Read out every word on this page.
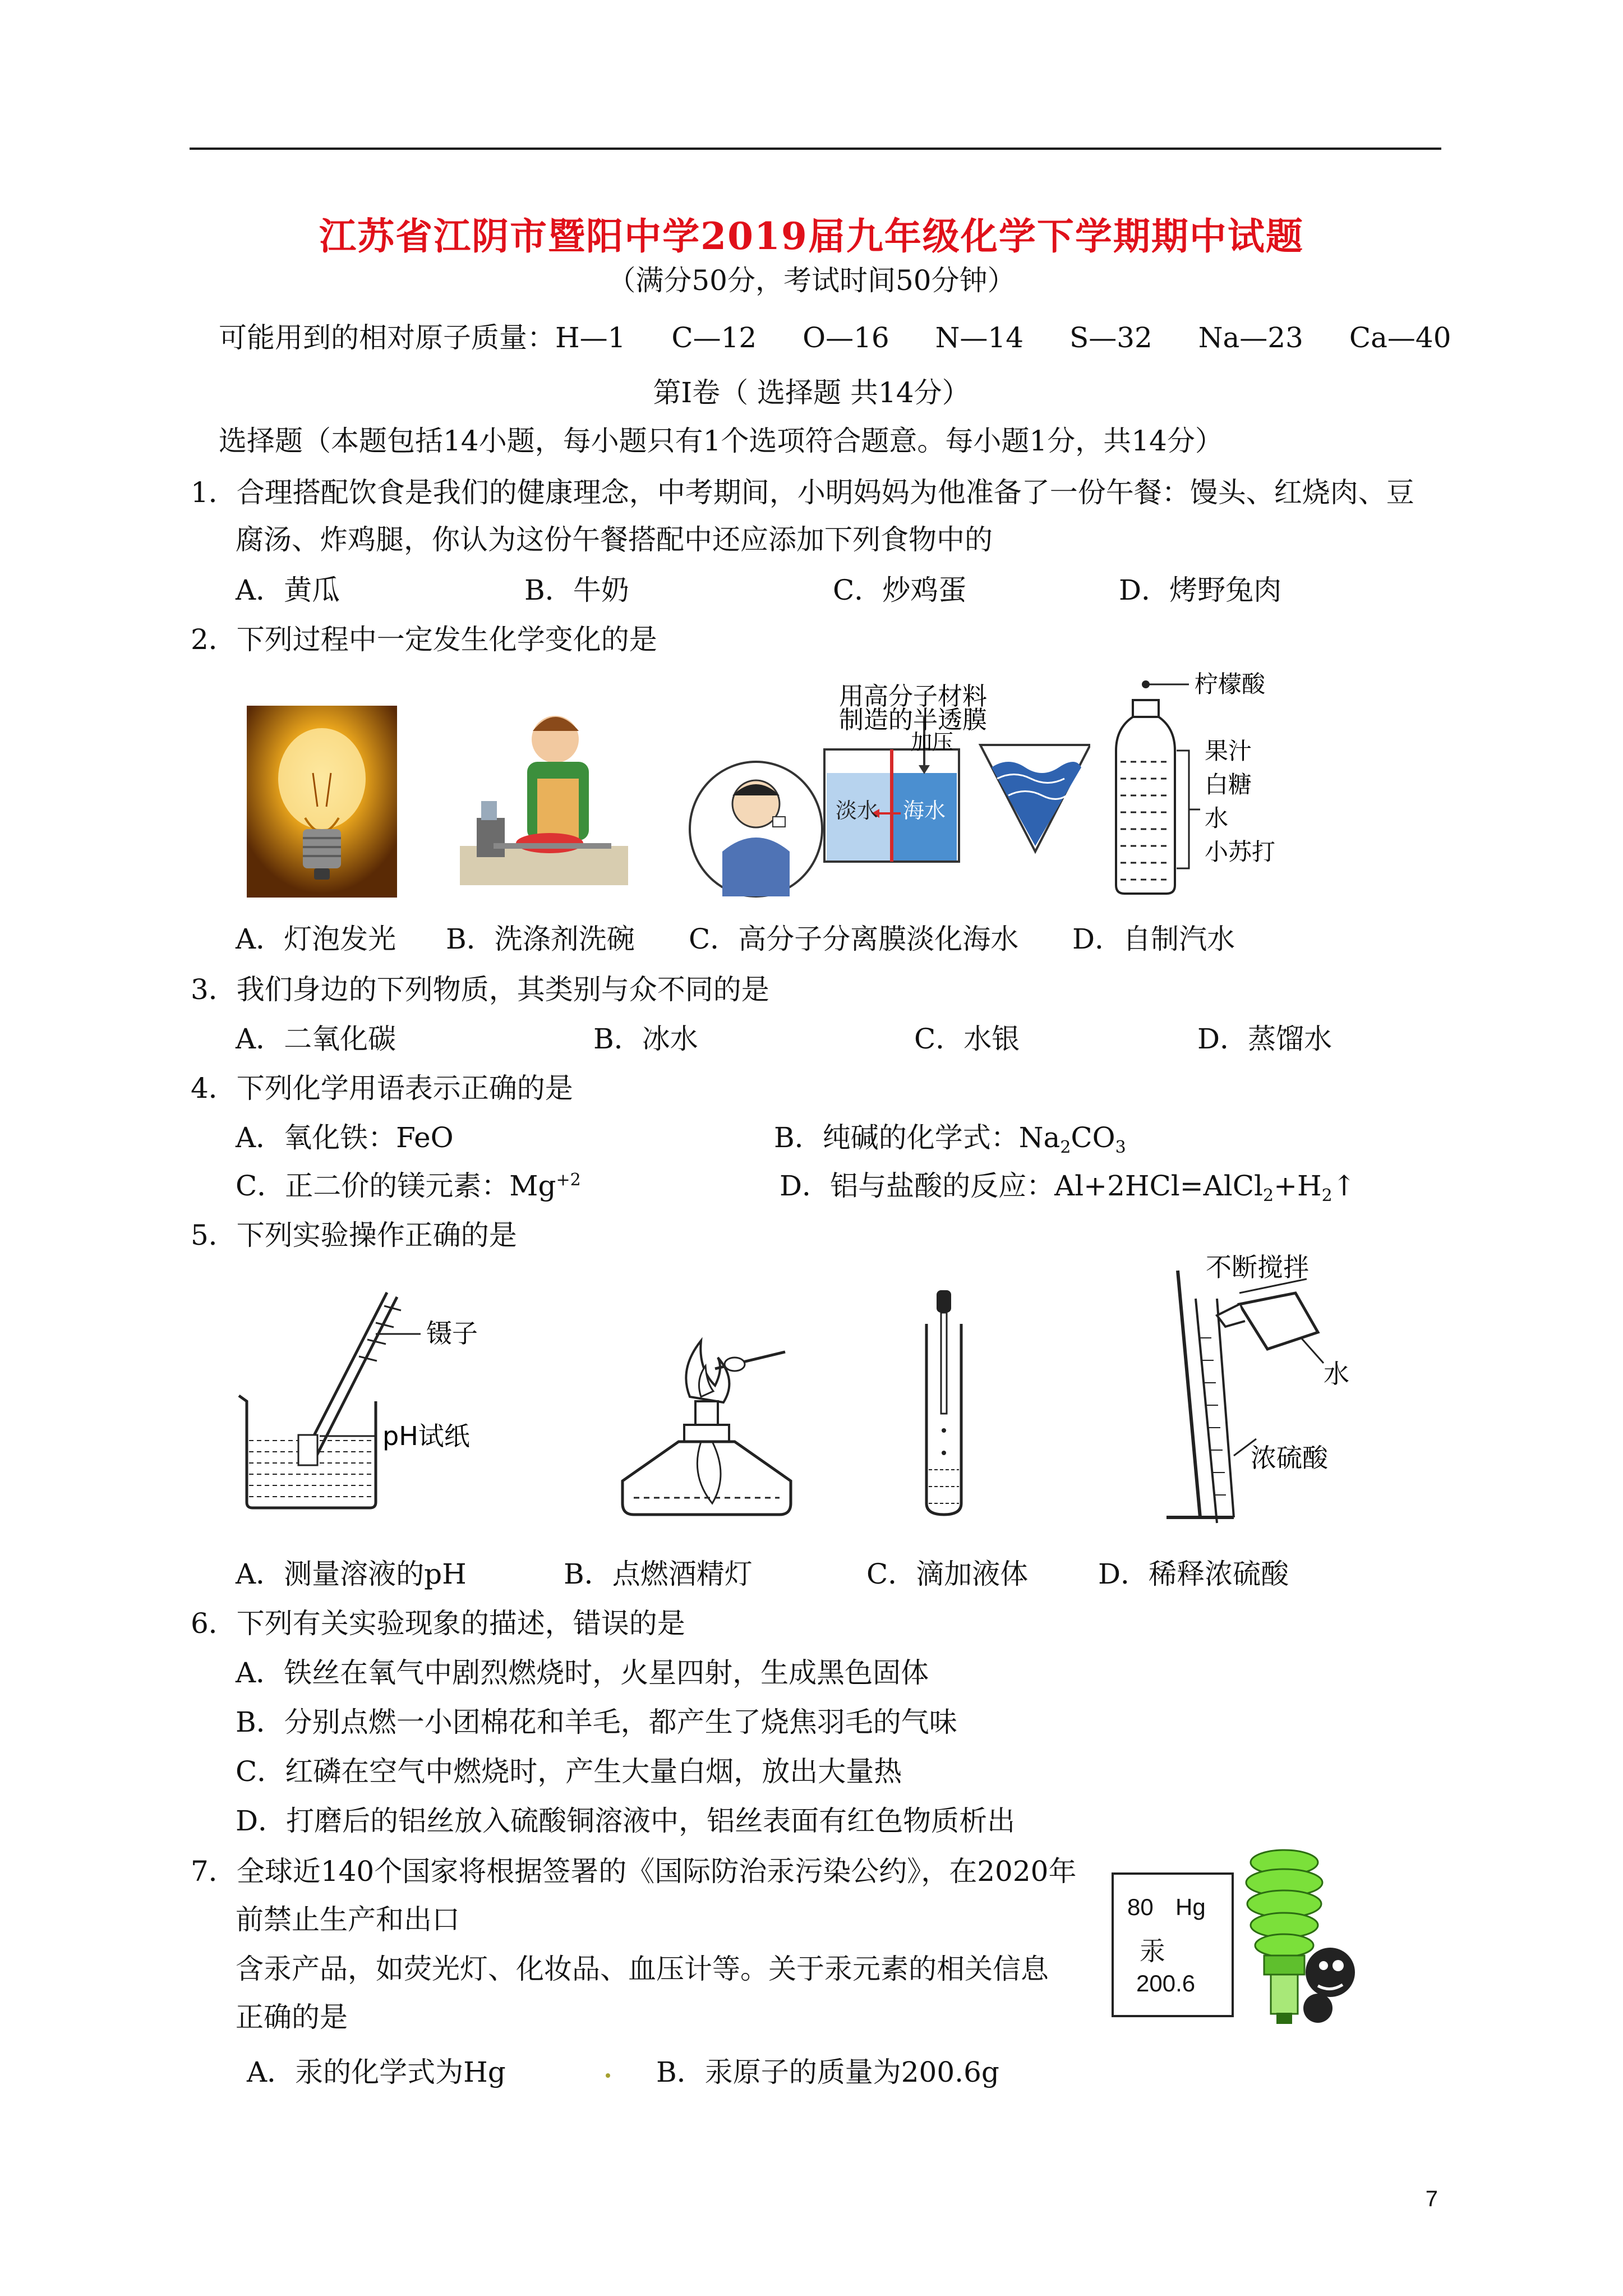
江苏省江阴市暨阳中学2019届九年级化学下学期期中试题
（满分50分，考试时间50分钟）
可能用到的相对原子质量：H—1 C—12 O—16 N—14 S—32 Na—23 Ca—40
第Ⅰ卷（ 选择题 共14分）
选择题（本题包括14小题，每小题只有1个选项符合题意。每小题1分，共14分）
1．合理搭配饮食是我们的健康理念，中考期间，小明妈妈为他准备了一份午餐：馒头、红烧肉、豆
腐汤、炸鸡腿，你认为这份午餐搭配中还应添加下列食物中的
A．黄瓜	B．牛奶	C．炒鸡蛋	D．烤野兔肉
2．下列过程中一定发生化学变化的是
用高分子材料
制造的半透膜
加压
淡水 海水
柠檬酸
果汁
白糖
水
小苏打
A．灯泡发光 B．洗涤剂洗碗 C．高分子分离膜淡化海水 D．自制汽水
3．我们身边的下列物质，其类别与众不同的是
A．二氧化碳	B．冰水	C．水银	D．蒸馏水
4．下列化学用语表示正确的是
A．氧化铁：FeO	B．纯碱的化学式：$Na_2CO_3$
C．正二价的镁元素：$Mg^{+2}$	D．铝与盐酸的反应：$Al+2HCl=AlCl_2+H_2↑$
5．下列实验操作正确的是
镊子
pH试纸
不断搅拌
水
浓硫酸
A．测量溶液的pH	B．点燃酒精灯	C．滴加液体 D．稀释浓硫酸
6．下列有关实验现象的描述，错误的是
A．铁丝在氧气中剧烈燃烧时，火星四射，生成黑色固体
B．分别点燃一小团棉花和羊毛，都产生了烧焦羽毛的气味
C．红磷在空气中燃烧时，产生大量白烟，放出大量热
D．打磨后的铝丝放入硫酸铜溶液中，铝丝表面有红色物质析出
7．全球近140个国家将根据签署的《国际防治汞污染公约》，在2020年
前禁止生产和出口
含汞产品，如荧光灯、化妆品、血压计等。关于汞元素的相关信息
正确的是
A．汞的化学式为Hg	B．汞原子的质量为200.6g
80 Hg
汞
200.6
7
